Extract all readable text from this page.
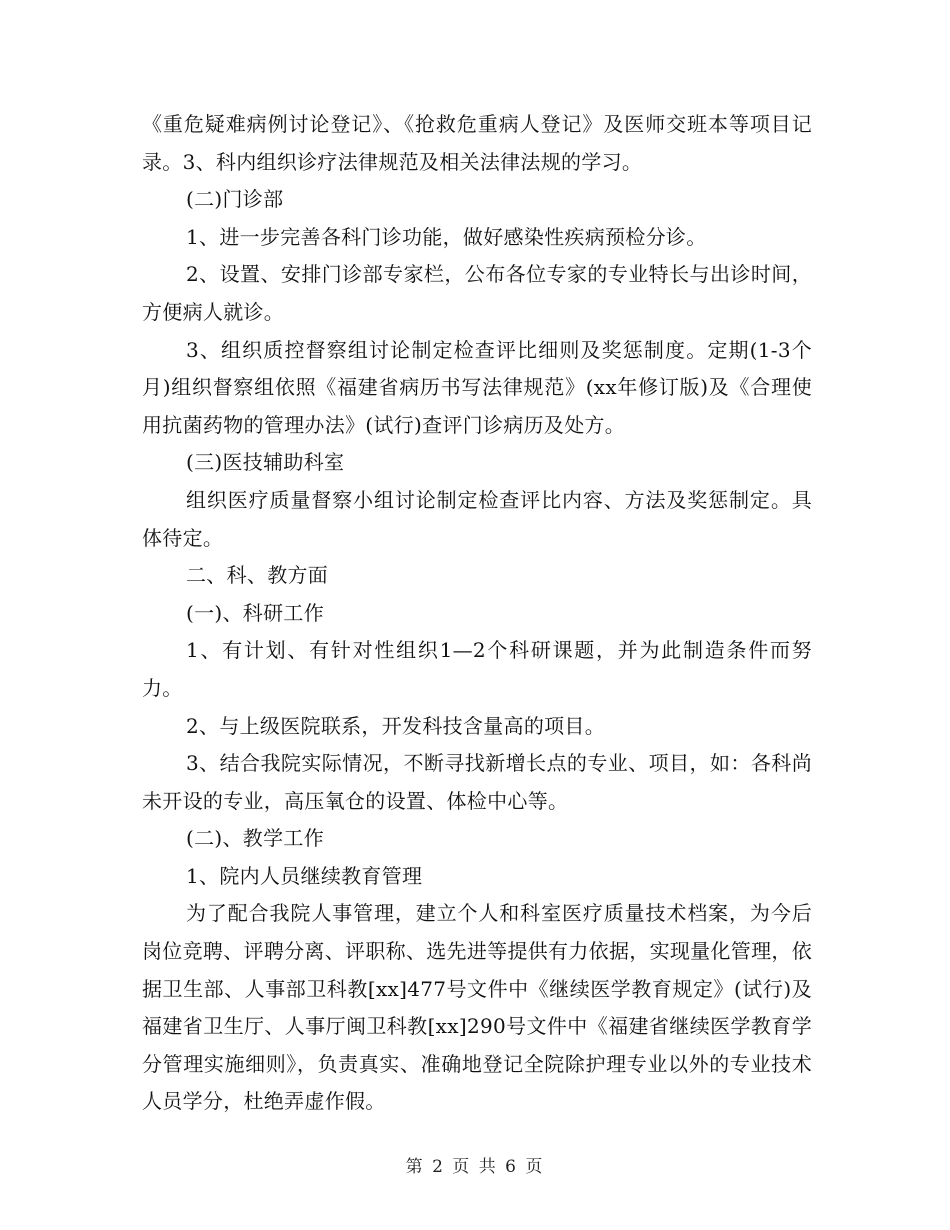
《重危疑难病例讨论登记》、《抢救危重病人登记》及医师交班本等项目记录。3、科内组织诊疗法律规范及相关法律法规的学习。

(二)门诊部

1、进一步完善各科门诊功能，做好感染性疾病预检分诊。

2、设置、安排门诊部专家栏，公布各位专家的专业特长与出诊时间，方便病人就诊。

3、组织质控督察组讨论制定检查评比细则及奖惩制度。定期(1-3个月)组织督察组依照《福建省病历书写法律规范》(xx年修订版)及《合理使用抗菌药物的管理办法》(试行)查评门诊病历及处方。

(三)医技辅助科室

组织医疗质量督察小组讨论制定检查评比内容、方法及奖惩制定。具体待定。

二、科、教方面

(一)、科研工作

1、有计划、有针对性组织1—2个科研课题，并为此制造条件而努力。

2、与上级医院联系，开发科技含量高的项目。

3、结合我院实际情况，不断寻找新增长点的专业、项目，如：各科尚未开设的专业，高压氧仓的设置、体检中心等。

(二)、教学工作

1、院内人员继续教育管理

为了配合我院人事管理，建立个人和科室医疗质量技术档案，为今后岗位竞聘、评聘分离、评职称、选先进等提供有力依据，实现量化管理，依据卫生部、人事部卫科教[xx]477号文件中《继续医学教育规定》(试行)及福建省卫生厅、人事厅闽卫科教[xx]290号文件中《福建省继续医学教育学分管理实施细则》，负责真实、准确地登记全院除护理专业以外的专业技术人员学分，杜绝弄虚作假。

第 2 页 共 6 页
